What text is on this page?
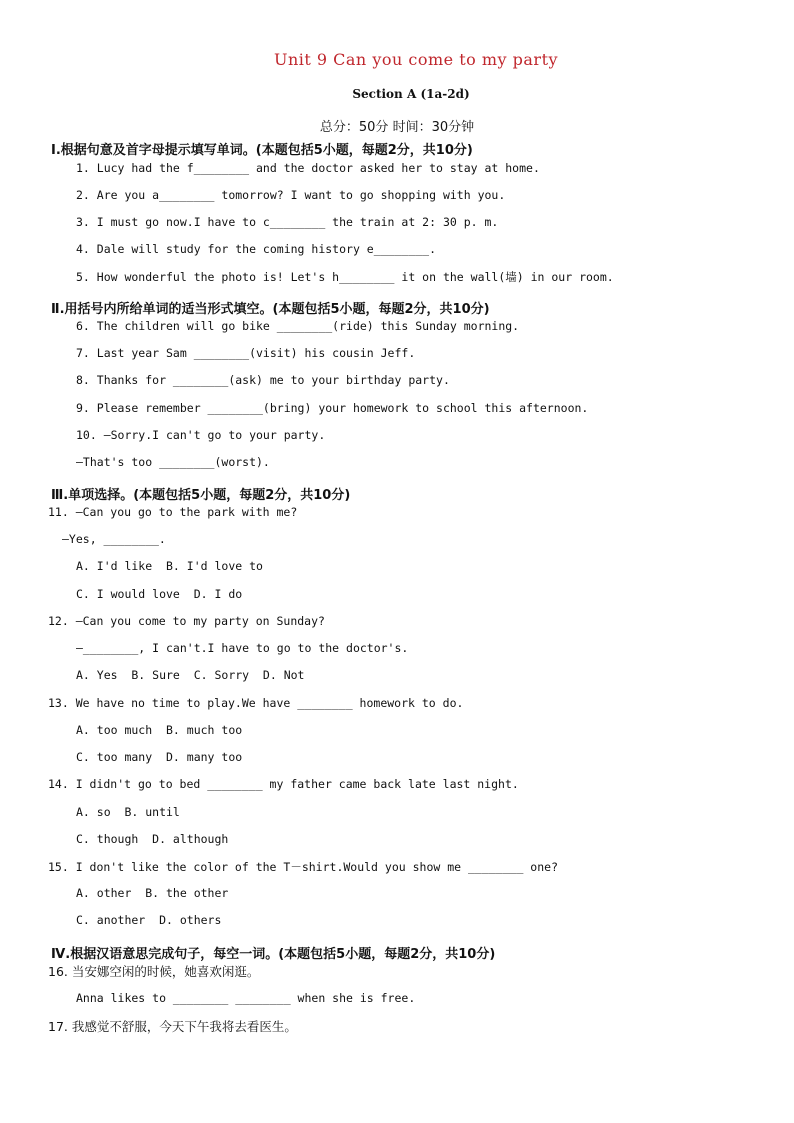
Unit 9 Can you come to my party
Section A (1a-2d)
总分：50分 时间：30分钟
Ⅰ.根据句意及首字母提示填写单词。(本题包括5小题，每题2分，共10分)
1. Lucy had the f________ and the doctor asked her to stay at home.
2. Are you a________ tomorrow? I want to go shopping with you.
3. I must go now.I have to c________ the train at 2: 30 p. m.
4. Dale will study for the coming history e________.
5. How wonderful the photo is! Let's h________ it on the wall(墙) in our room.
Ⅱ.用括号内所给单词的适当形式填空。(本题包括5小题，每题2分，共10分)
6. The children will go bike ________(ride) this Sunday morning.
7. Last year Sam ________(visit) his cousin Jeff.
8. Thanks for ________(ask) me to your birthday party.
9. Please remember ________(bring) your homework to school this afternoon.
10. —Sorry.I can't go to your party.
—That's too ________(worst).
Ⅲ.单项选择。(本题包括5小题，每题2分，共10分)
11. —Can you go to the park with me?
—Yes, ________.
A. I'd like  B. I'd love to
C. I would love  D. I do
12. —Can you come to my party on Sunday?
—________, I can't.I have to go to the doctor's.
A. Yes  B. Sure  C. Sorry  D. Not
13. We have no time to play.We have ________ homework to do.
A. too much  B. much too
C. too many  D. many too
14. I didn't go to bed ________ my father came back late last night.
A. so  B. until
C. though  D. although
15. I don't like the color of the T－shirt.Would you show me ________ one?
A. other  B. the other
C. another  D. others
Ⅳ.根据汉语意思完成句子，每空一词。(本题包括5小题，每题2分，共10分)
16. 当安娜空闲的时候，她喜欢闲逛。
Anna likes to ________ ________ when she is free.
17. 我感觉不舒服，今天下午我将去看医生。
